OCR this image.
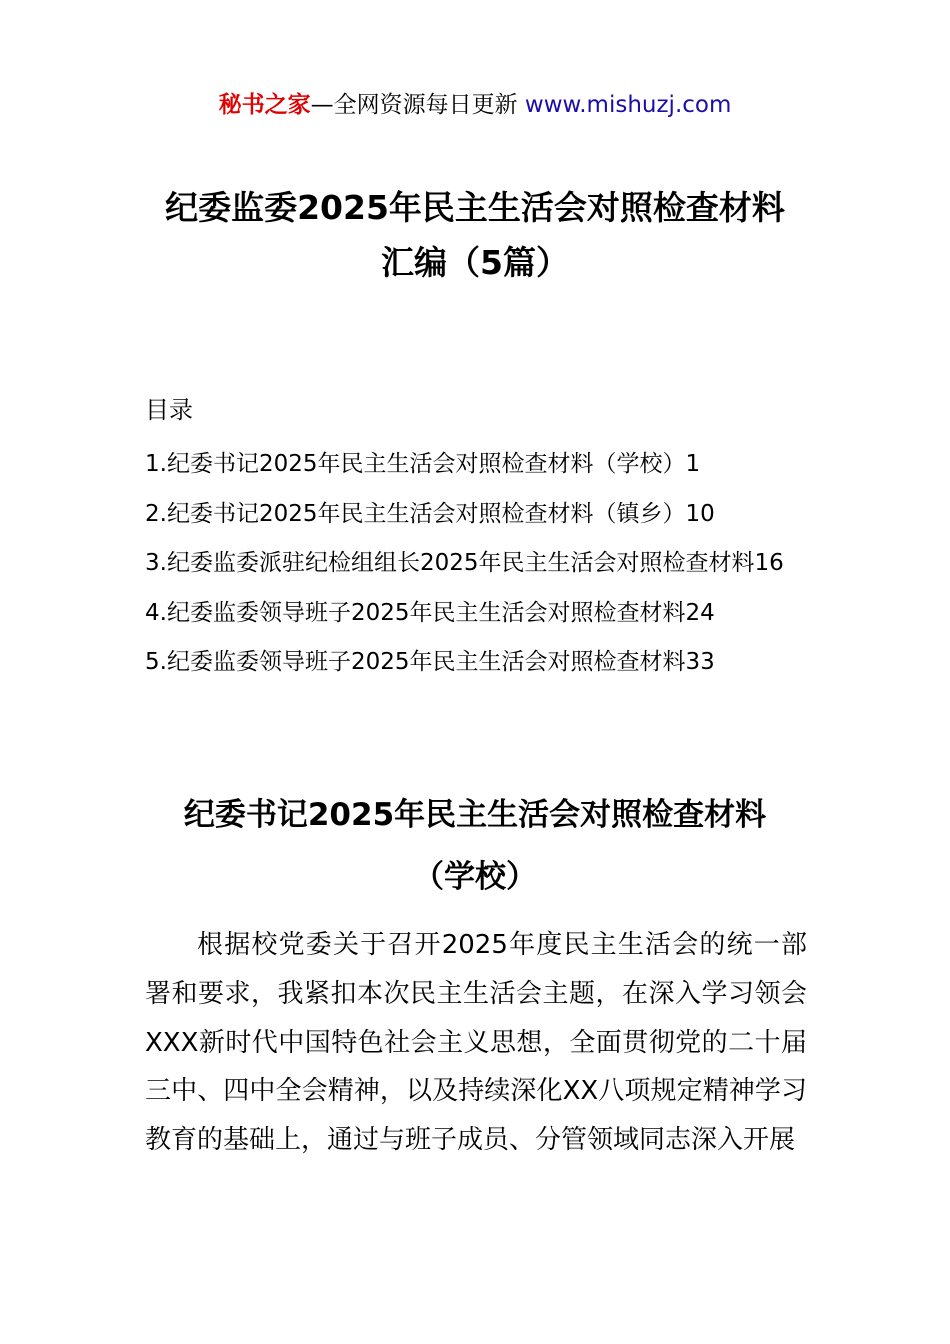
秘书之家—全网资源每日更新 www.mishuzj.com
纪委监委2025年民主生活会对照检查材料
汇编（5篇）
目录

1.纪委书记2025年民主生活会对照检查材料（学校）1

2.纪委书记2025年民主生活会对照检查材料（镇乡）10

3.纪委监委派驻纪检组组长2025年民主生活会对照检查材料16

4.纪委监委领导班子2025年民主生活会对照检查材料24

5.纪委监委领导班子2025年民主生活会对照检查材料33

纪委书记2025年民主生活会对照检查材料
（学校）

根据校党委关于召开2025年度民主生活会的统一部署和要求，我紧扣本次民主生活会主题，在深入学习领会XXX新时代中国特色社会主义思想，全面贯彻党的二十届三中、四中全会精神，以及持续深化XX八项规定精神学习教育的基础上，通过与班子成员、分管领域同志深入开展
